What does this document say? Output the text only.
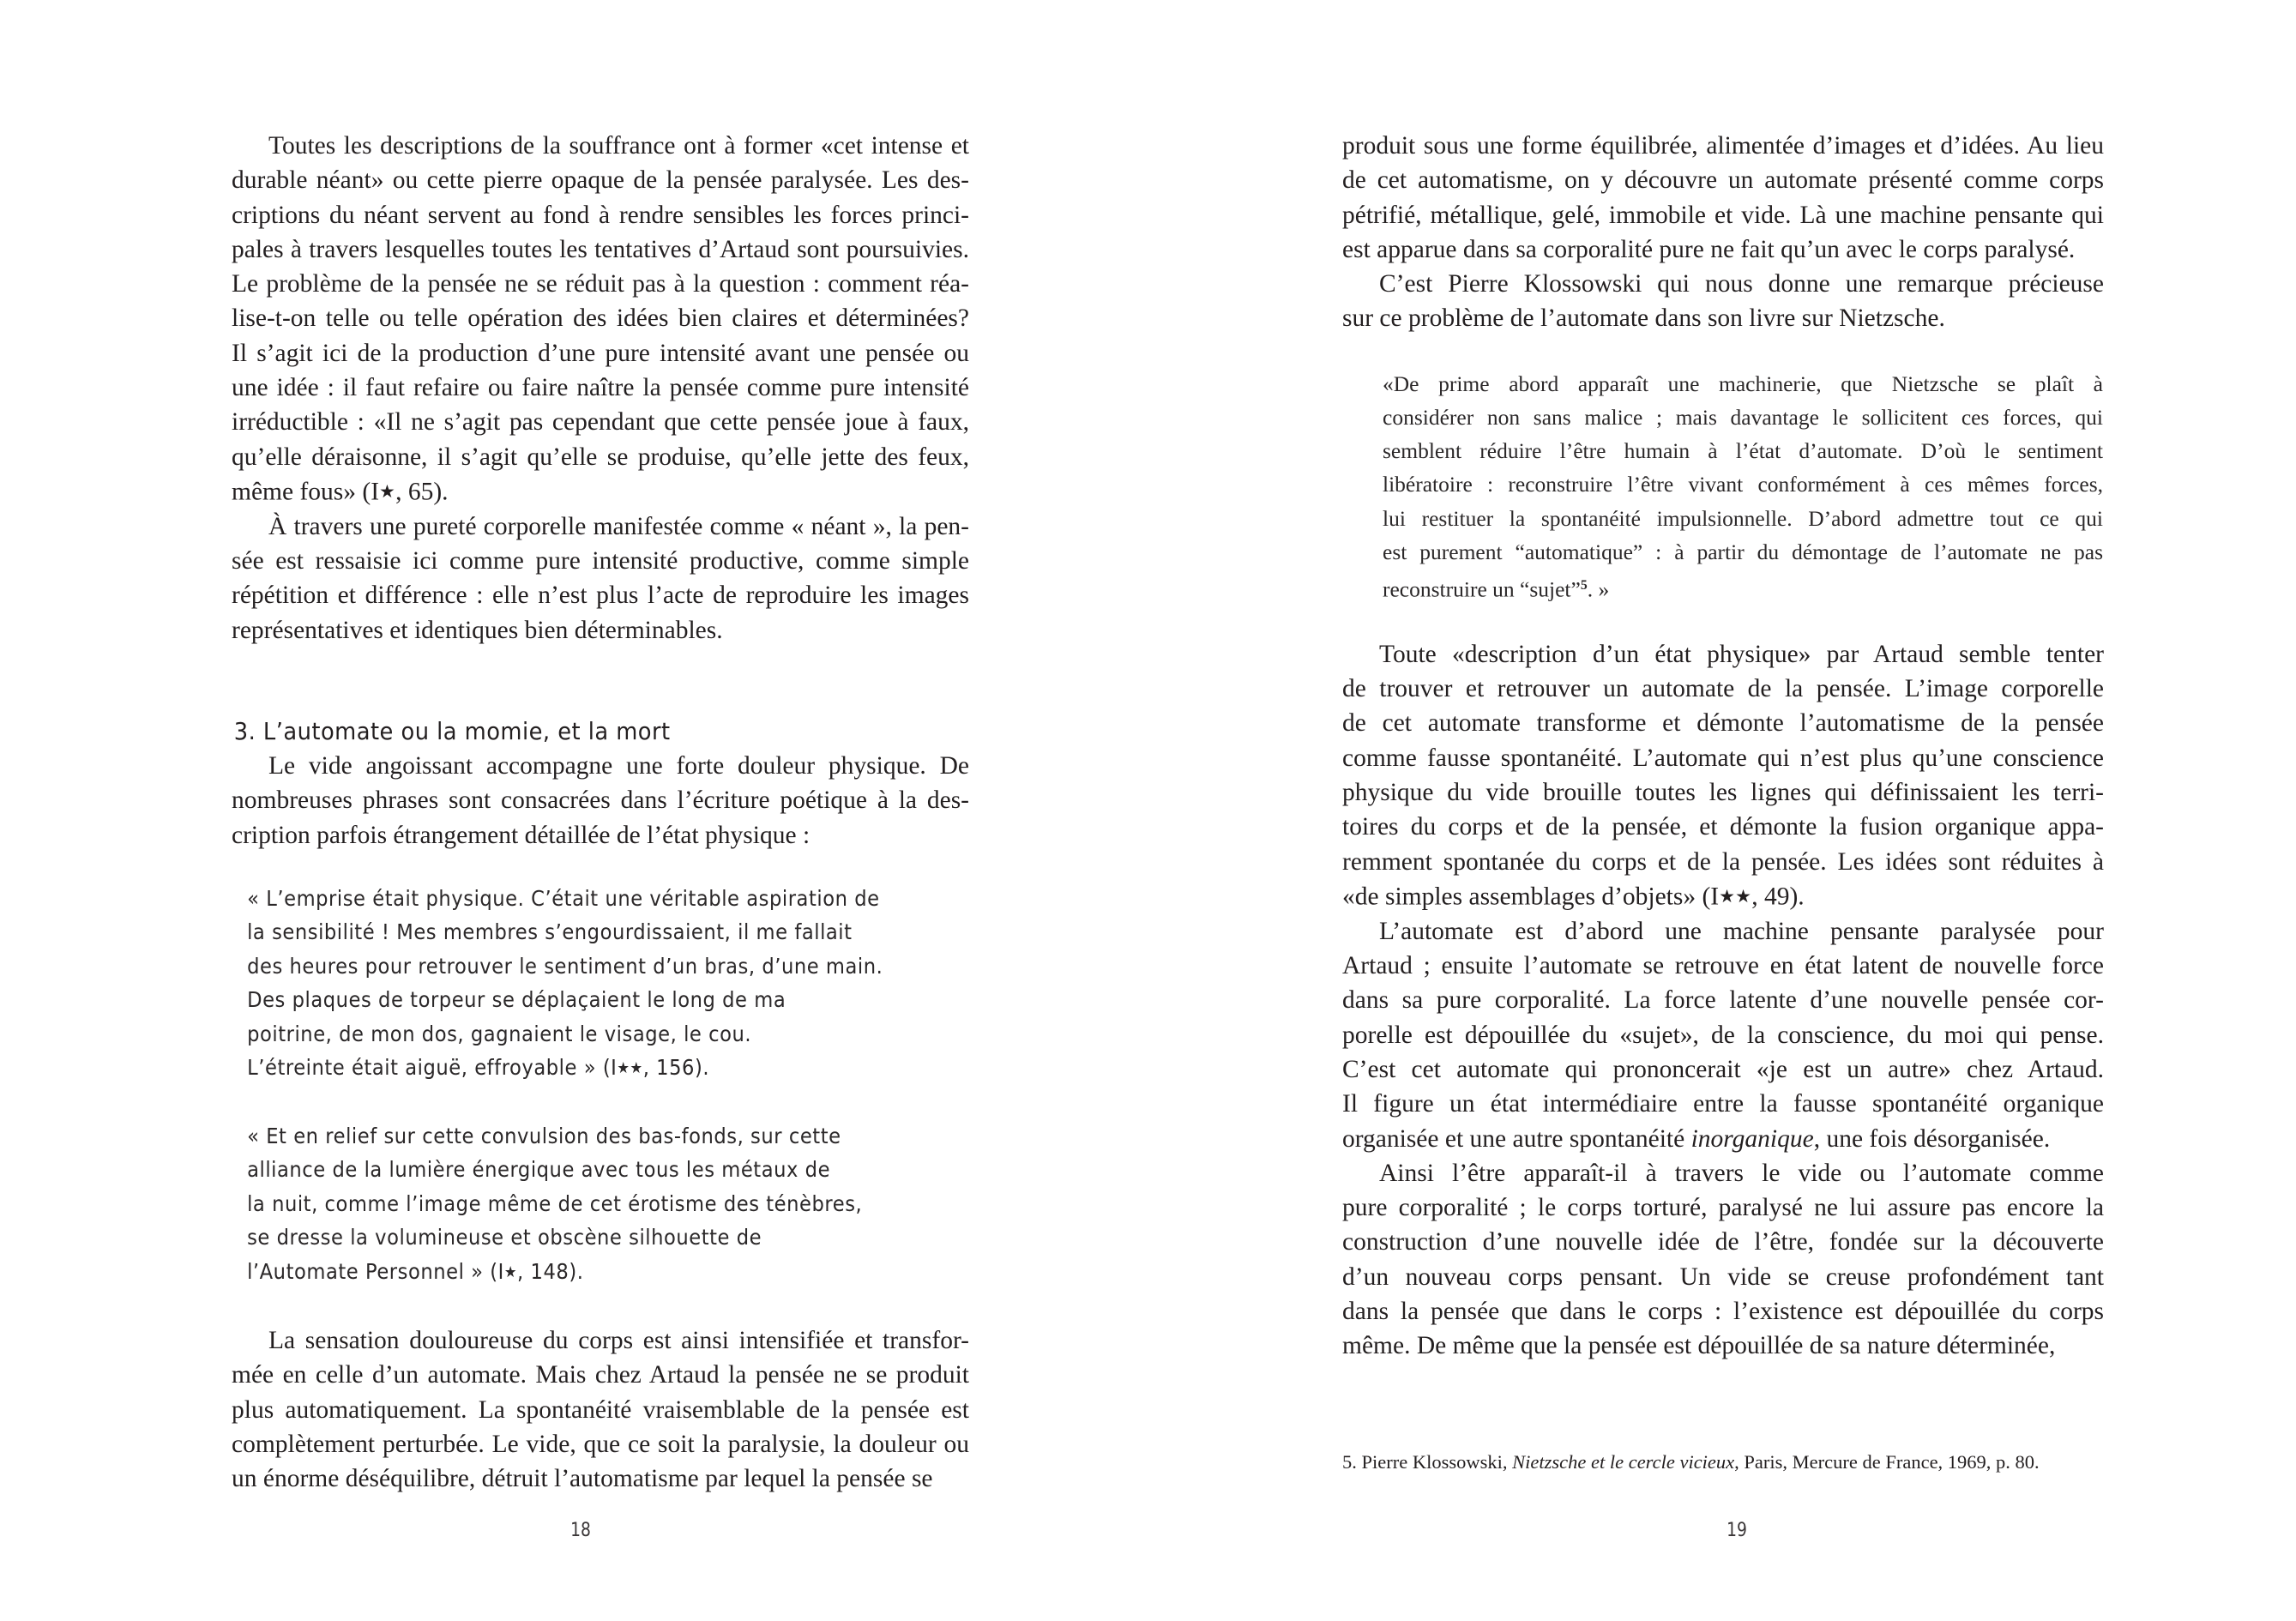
Toutes les descriptions de la souffrance ont à former «cet intense et
durable néant» ou cette pierre opaque de la pensée paralysée. Les des-
criptions du néant servent au fond à rendre sensibles les forces princi-
pales à travers lesquelles toutes les tentatives d’Artaud sont poursuivies.
Le problème de la pensée ne se réduit pas à la question : comment réa-
lise-t-on telle ou telle opération des idées bien claires et déterminées?
Il s’agit ici de la production d’une pure intensité avant une pensée ou
une idée : il faut refaire ou faire naître la pensée comme pure intensité
irréductible : «Il ne s’agit pas cependant que cette pensée joue à faux,
qu’elle déraisonne, il s’agit qu’elle se produise, qu’elle jette des feux,
même fous» (I★, 65).

À travers une pureté corporelle manifestée comme « néant », la pen-
sée est ressaisie ici comme pure intensité productive, comme simple
répétition et différence : elle n’est plus l’acte de reproduire les images
représentatives et identiques bien déterminables.

3. L’automate ou la momie, et la mort

Le vide angoissant accompagne une forte douleur physique. De
nombreuses phrases sont consacrées dans l’écriture poétique à la des-
cription parfois étrangement détaillée de l’état physique :

« L’emprise était physique. C’était une véritable aspiration de
la sensibilité ! Mes membres s’engourdissaient, il me fallait
des heures pour retrouver le sentiment d’un bras, d’une main.
Des plaques de torpeur se déplaçaient le long de ma
poitrine, de mon dos, gagnaient le visage, le cou.
L’étreinte était aiguë, effroyable » (I★★, 156).

« Et en relief sur cette convulsion des bas-fonds, sur cette
alliance de la lumière énergique avec tous les métaux de
la nuit, comme l’image même de cet érotisme des ténèbres,
se dresse la volumineuse et obscène silhouette de
l’Automate Personnel » (I★, 148).

La sensation douloureuse du corps est ainsi intensifiée et transfor-
mée en celle d’un automate. Mais chez Artaud la pensée ne se produit
plus automatiquement. La spontanéité vraisemblable de la pensée est
complètement perturbée. Le vide, que ce soit la paralysie, la douleur ou
un énorme déséquilibre, détruit l’automatisme par lequel la pensée se

18

produit sous une forme équilibrée, alimentée d’images et d’idées. Au lieu
de cet automatisme, on y découvre un automate présenté comme corps
pétrifié, métallique, gelé, immobile et vide. Là une machine pensante qui
est apparue dans sa corporalité pure ne fait qu’un avec le corps paralysé.

C’est Pierre Klossowski qui nous donne une remarque précieuse
sur ce problème de l’automate dans son livre sur Nietzsche.

«De prime abord apparaît une machinerie, que Nietzsche se plaît à
considérer non sans malice ; mais davantage le sollicitent ces forces, qui
semblent réduire l’être humain à l’état d’automate. D’où le sentiment
libératoire : reconstruire l’être vivant conformément à ces mêmes forces,
lui restituer la spontanéité impulsionnelle. D’abord admettre tout ce qui
est purement “automatique” : à partir du démontage de l’automate ne pas
reconstruire un “sujet”$^5$. »

Toute «description d’un état physique» par Artaud semble tenter
de trouver et retrouver un automate de la pensée. L’image corporelle
de cet automate transforme et démonte l’automatisme de la pensée
comme fausse spontanéité. L’automate qui n’est plus qu’une conscience
physique du vide brouille toutes les lignes qui définissaient les terri-
toires du corps et de la pensée, et démonte la fusion organique appa-
remment spontanée du corps et de la pensée. Les idées sont réduites à
«de simples assemblages d’objets» (I★★, 49).

L’automate est d’abord une machine pensante paralysée pour
Artaud ; ensuite l’automate se retrouve en état latent de nouvelle force
dans sa pure corporalité. La force latente d’une nouvelle pensée cor-
porelle est dépouillée du «sujet», de la conscience, du moi qui pense.
C’est cet automate qui prononcerait «je est un autre» chez Artaud.
Il figure un état intermédiaire entre la fausse spontanéité organique
organisée et une autre spontanéité inorganique, une fois désorganisée.

Ainsi l’être apparaît-il à travers le vide ou l’automate comme
pure corporalité ; le corps torturé, paralysé ne lui assure pas encore la
construction d’une nouvelle idée de l’être, fondée sur la découverte
d’un nouveau corps pensant. Un vide se creuse profondément tant
dans la pensée que dans le corps : l’existence est dépouillée du corps
même. De même que la pensée est dépouillée de sa nature déterminée,

5. Pierre Klossowski, Nietzsche et le cercle vicieux, Paris, Mercure de France, 1969, p. 80.

19
